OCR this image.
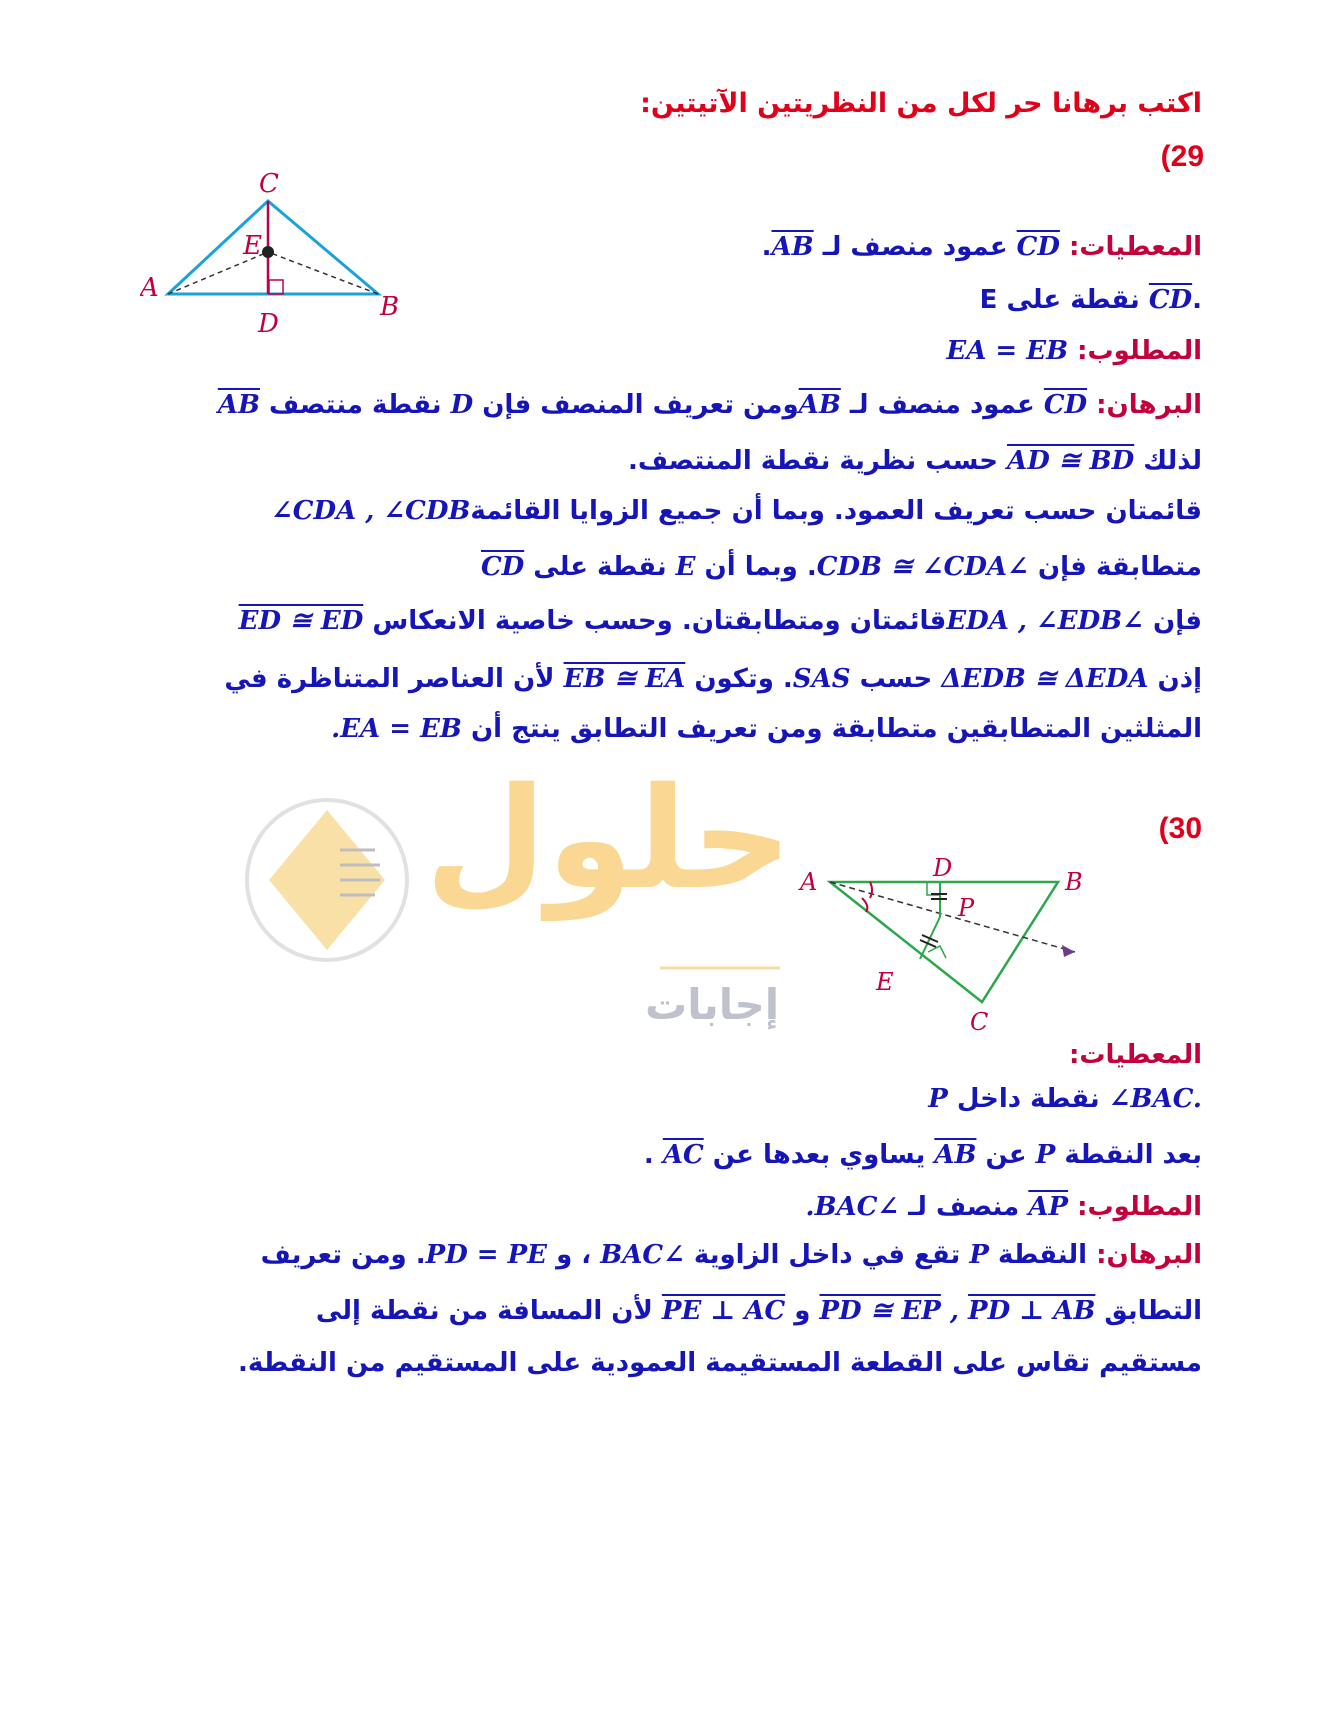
اكتب برهانا حر لكل من النظريتين الآتيتين:
(29
C
E
A
D
B
المعطيات: CD عمود منصف لـ AB.
E نقطة على CD.
المطلوب: EA = EB
البرهان: CD عمود منصف لـ ABومن تعريف المنصف فإن D نقطة منتصف AB
لذلك AD ≅ BD حسب نظرية نقطة المنتصف.
∠CDA , ∠CDBقائمتان حسب تعريف العمود. وبما أن جميع الزوايا القائمة
متطابقة فإن ∠CDB ≅ ∠CDA. وبما أن E نقطة على CD
فإن ∠EDA , ∠EDBقائمتان ومتطابقتان. وحسب خاصية الانعكاس ED ≅ ED
إذن ΔEDB ≅ ΔEDA حسب SAS. وتكون EB ≅ EA لأن العناصر المتناظرة في
المثلثين المتطابقين متطابقة ومن تعريف التطابق ينتج أن EA = EB.
حلول
إجابات
(30
A	B
C
D
P
E
المعطيات:
P نقطة داخل ∠BAC.
بعد النقطة P عن AB يساوي بعدها عن AC .
المطلوب: AP منصف لـ ∠BAC.
البرهان: النقطة P تقع في داخل الزاوية ∠BAC ، و PD = PE. ومن تعريف
التطابق PD ≅ EP , PD ⊥ AB و PE ⊥ AC لأن المسافة من نقطة إلى
مستقيم تقاس على القطعة المستقيمة العمودية على المستقيم من النقطة.
